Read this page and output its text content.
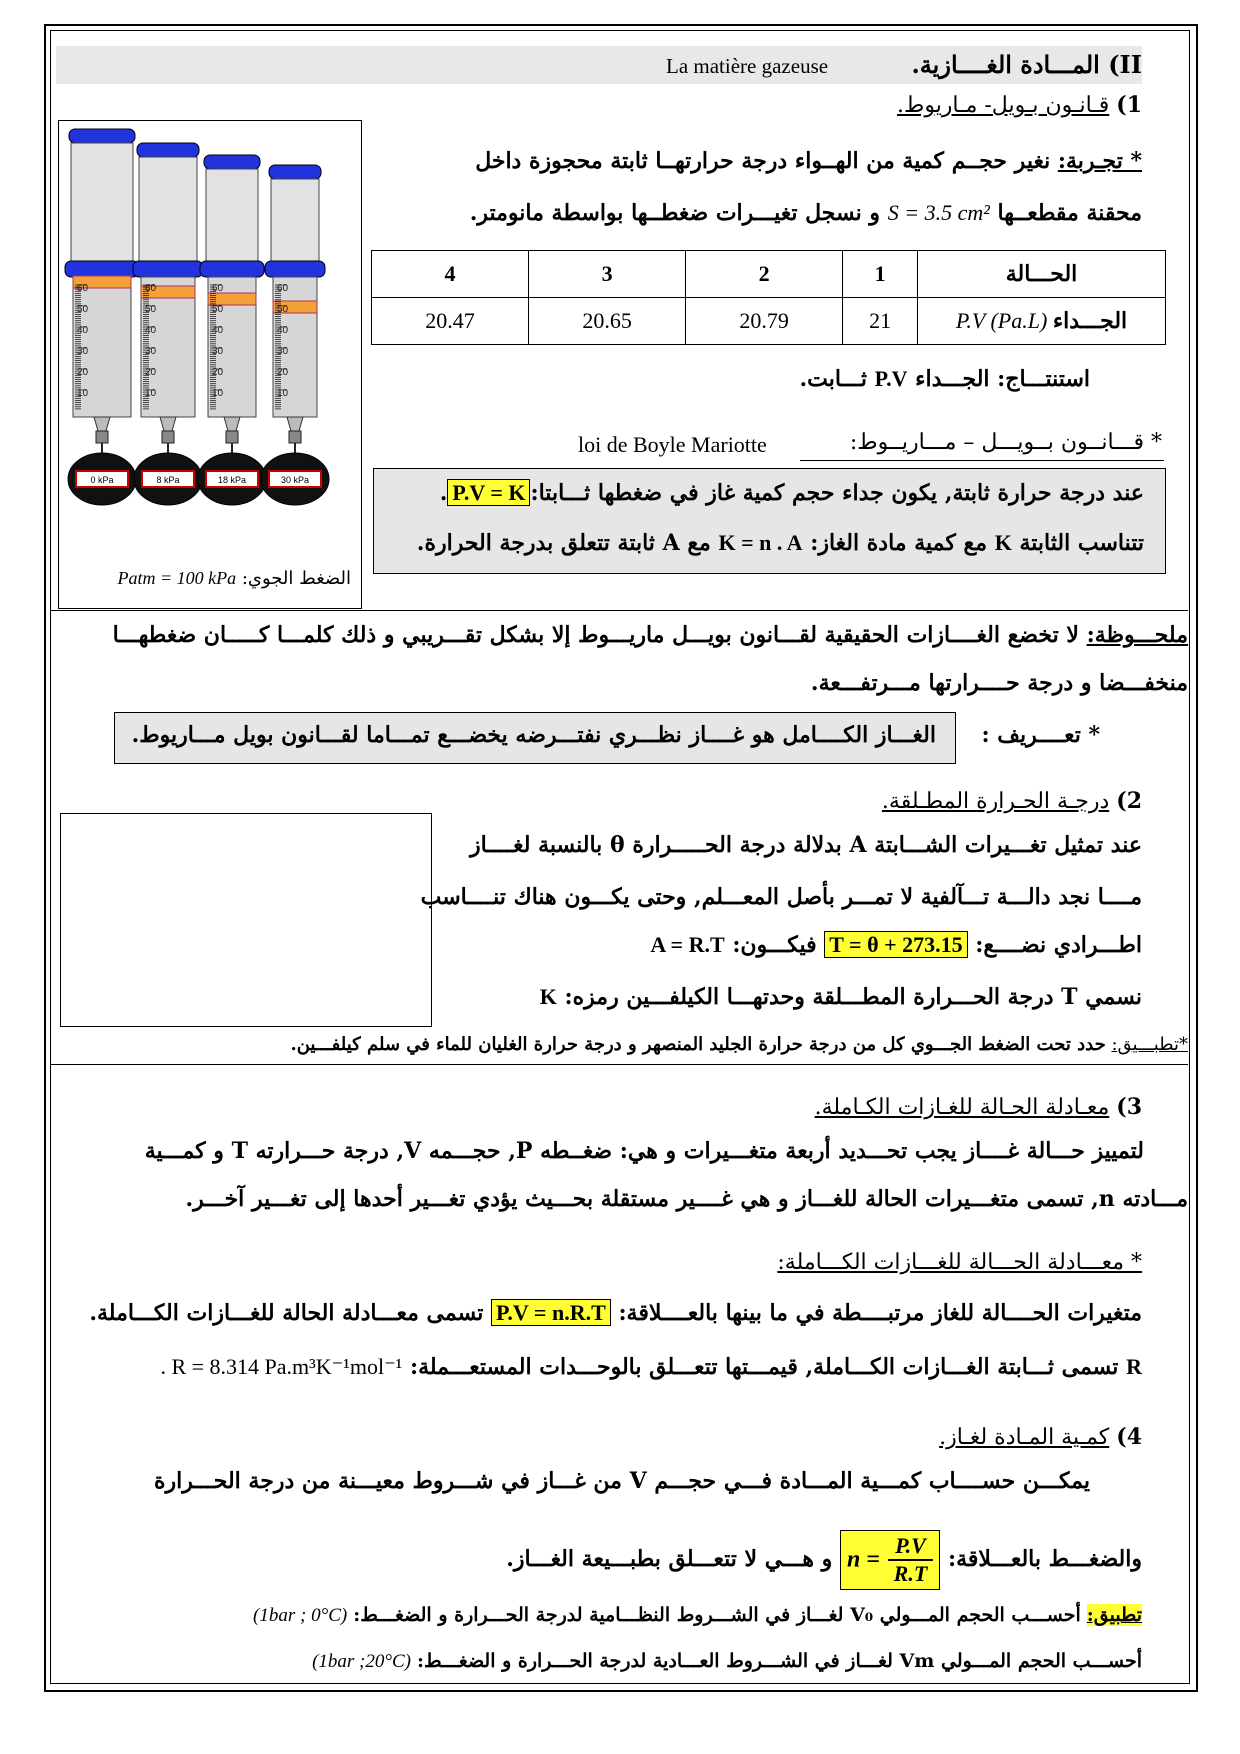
II) المـــادة الغــــازية.
La matière gazeuse
1) قـانـون بـويل- مـاريوط.
60
50
40
30
20
10
0 kPa
60
50
40
30
20
10
8 kPa
60
50
40
30
20
10
18 kPa
60
50
40
30
20
10
30 kPa
الضغط الجوي: Patm = 100 kPa
* تجـربة: نغير حجــم كمية من الهــواء درجة حرارتهــا ثابتة محجوزة داخل
محقنة مقطعــها S = 3.5 cm² و نسجل تغيـــرات ضغطــها بواسطة مانومتر.
4	3	2	1	الحـــالة
20.47	20.65	20.79	21	الجـــداء P.V (Pa.L)
استنتـــاج: الجـــداء P.V ثـــابت.
* قـــانــون بــويـــل – مـــاريــوط:
loi de Boyle Mariotte
عند درجة حرارة ثابتة, يكون جداء حجم كمية غاز في ضغطها ثـــابتا:P.V = K.
تتناسب الثابتة K مع كمية مادة الغاز: K = n . A مع A ثابتة تتعلق بدرجة الحرارة.
ملحـــوظة: لا تخضع الغــــازات الحقيقية لقـــانون بويـــل ماريـــوط إلا بشكل تقـــريبي و ذلك كلمـــا كـــــان ضغطهـــا
منخفـــضا و درجة حــــرارتها مـــرتفـــعة.
* تعــــريف :
الغـــاز الكــــامل هو غــــاز نظـــري نفتـــرضه يخضـــع تمـــاما لقـــانون بويل مـــاريوط.
2) درجـة الحـرارة المطـلقة.
عند تمثيل تغـــيرات الشـــابتة A بدلالة درجة الحـــــرارة θ بالنسبة لغــــاز
مــــا نجد دالـــة تـــآلفية لا تمـــر بأصل المعـــلم, وحتى يكـــون هناك تنــــاسب
اطـــرادي نضــــع: T = θ + 273.15 فيكـــون: A = R.T
نسمي T درجة الحـــرارة المطـــلقة وحدتهـــا الكيلفـــين رمزه: K
*تطبـــيق: حدد تحت الضغط الجـــوي كل من درجة حرارة الجليد المنصهر و درجة حرارة الغليان للماء في سلم كيلفـــين.
3) معـادلة الحـالة للغـازات الكـاملة.
لتمييز حـــالة غــــاز يجب تحـــديد أربعة متغـــيرات و هي: ضغــطه P, حجـــمه V, درجة حـــرارته T و كمـــية
مـــادته n, تسمى متغـــيرات الحالة للغـــاز و هي غــــير مستقلة بحـــيث يؤدي تغـــير أحدها إلى تغـــير آخـــر.
* معـــادلة الحـــالة للغـــازات الكـــاملة:
متغيرات الحــــالة للغاز مرتبــــطة في ما بينها بالعــــلاقة: P.V = n.R.T تسمى معـــادلة الحالة للغـــازات الكـــاملة.
R تسمى ثـــابتة الغـــازات الكـــاملة, قيمـــتها تتعـــلق بالوحـــدات المستعـــملة: R = 8.314 Pa.m³K⁻¹mol⁻¹ .
4) كمـية المـادة لغـاز.
يمكـــن حســــاب كمـــية المـــادة فـــي حجـــم V من غـــاز في شـــروط معيـــنة من درجة الحـــرارة
والضغـــط بالعـــلاقة: $n = \frac{P.V}{R.T}$
و هـــي لا تتعـــلق بطبـــيعة الغـــاز.
تطبيق: أحســـب الحجم المـــولي V₀ لغـــاز في الشـــروط النظـــامية لدرجة الحـــرارة و الضغـــط: (1bar ; 0°C)
أحســـب الحجم المـــولي Vm لغـــاز في الشـــروط العـــادية لدرجة الحـــرارة و الضغـــط: (1bar ;20°C)
